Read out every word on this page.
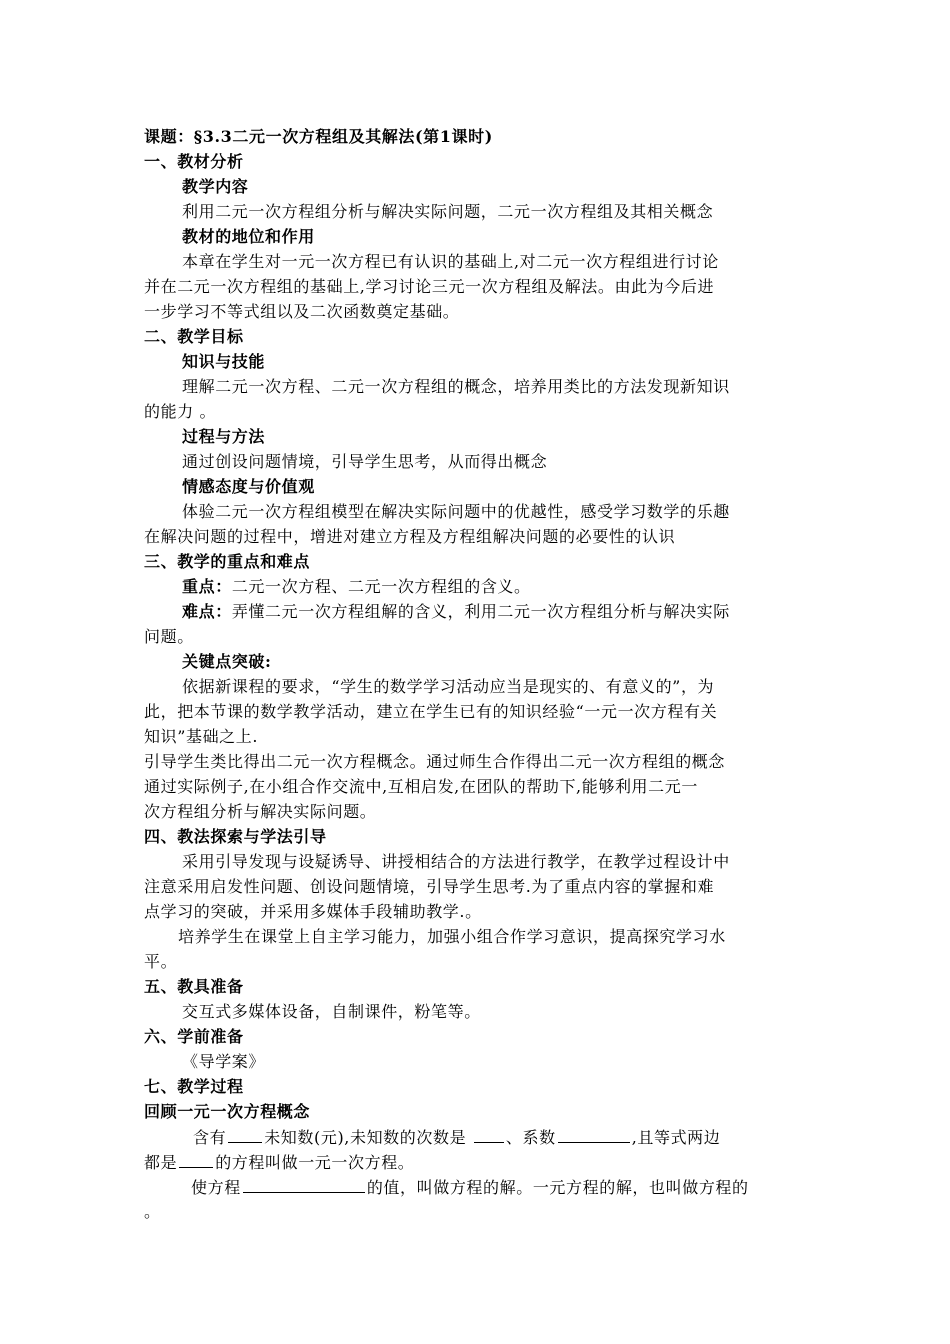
课题：§3.3二元一次方程组及其解法(第1课时)
一、教材分析
教学内容
利用二元一次方程组分析与解决实际问题，二元一次方程组及其相关概念
教材的地位和作用
本章在学生对一元一次方程已有认识的基础上,对二元一次方程组进行讨论
并在二元一次方程组的基础上,学习讨论三元一次方程组及解法。由此为今后进
一步学习不等式组以及二次函数奠定基础。
二、教学目标
知识与技能
理解二元一次方程、二元一次方程组的概念，培养用类比的方法发现新知识
的能力 。
过程与方法
通过创设问题情境，引导学生思考，从而得出概念
情感态度与价值观
体验二元一次方程组模型在解决实际问题中的优越性，感受学习数学的乐趣
在解决问题的过程中，增进对建立方程及方程组解决问题的必要性的认识
三、教学的重点和难点
重点：二元一次方程、二元一次方程组的含义。
难点：弄懂二元一次方程组解的含义，利用二元一次方程组分析与解决实际
问题。
关键点突破:
依据新课程的要求，“学生的数学学习活动应当是现实的、有意义的”，为
此，把本节课的数学教学活动，建立在学生已有的知识经验“一元一次方程有关
知识”基础之上.
引导学生类比得出二元一次方程概念。通过师生合作得出二元一次方程组的概念
通过实际例子,在小组合作交流中,互相启发,在团队的帮助下,能够利用二元一
次方程组分析与解决实际问题。
四、教法探索与学法引导
采用引导发现与设疑诱导、讲授相结合的方法进行教学，在教学过程设计中
注意采用启发性问题、创设问题情境，引导学生思考.为了重点内容的掌握和难
点学习的突破，并采用多媒体手段辅助教学.。
培养学生在课堂上自主学习能力，加强小组合作学习意识，提高探究学习水
平。
五、教具准备
交互式多媒体设备，自制课件，粉笔等。
六、学前准备
《导学案》
七、教学过程
回顾一元一次方程概念
含有 未知数(元),未知数的次数是 、系数	,且等式两边
都是 的方程叫做一元一次方程。
使方程	的值，叫做方程的解。一元方程的解，也叫做方程的
。
